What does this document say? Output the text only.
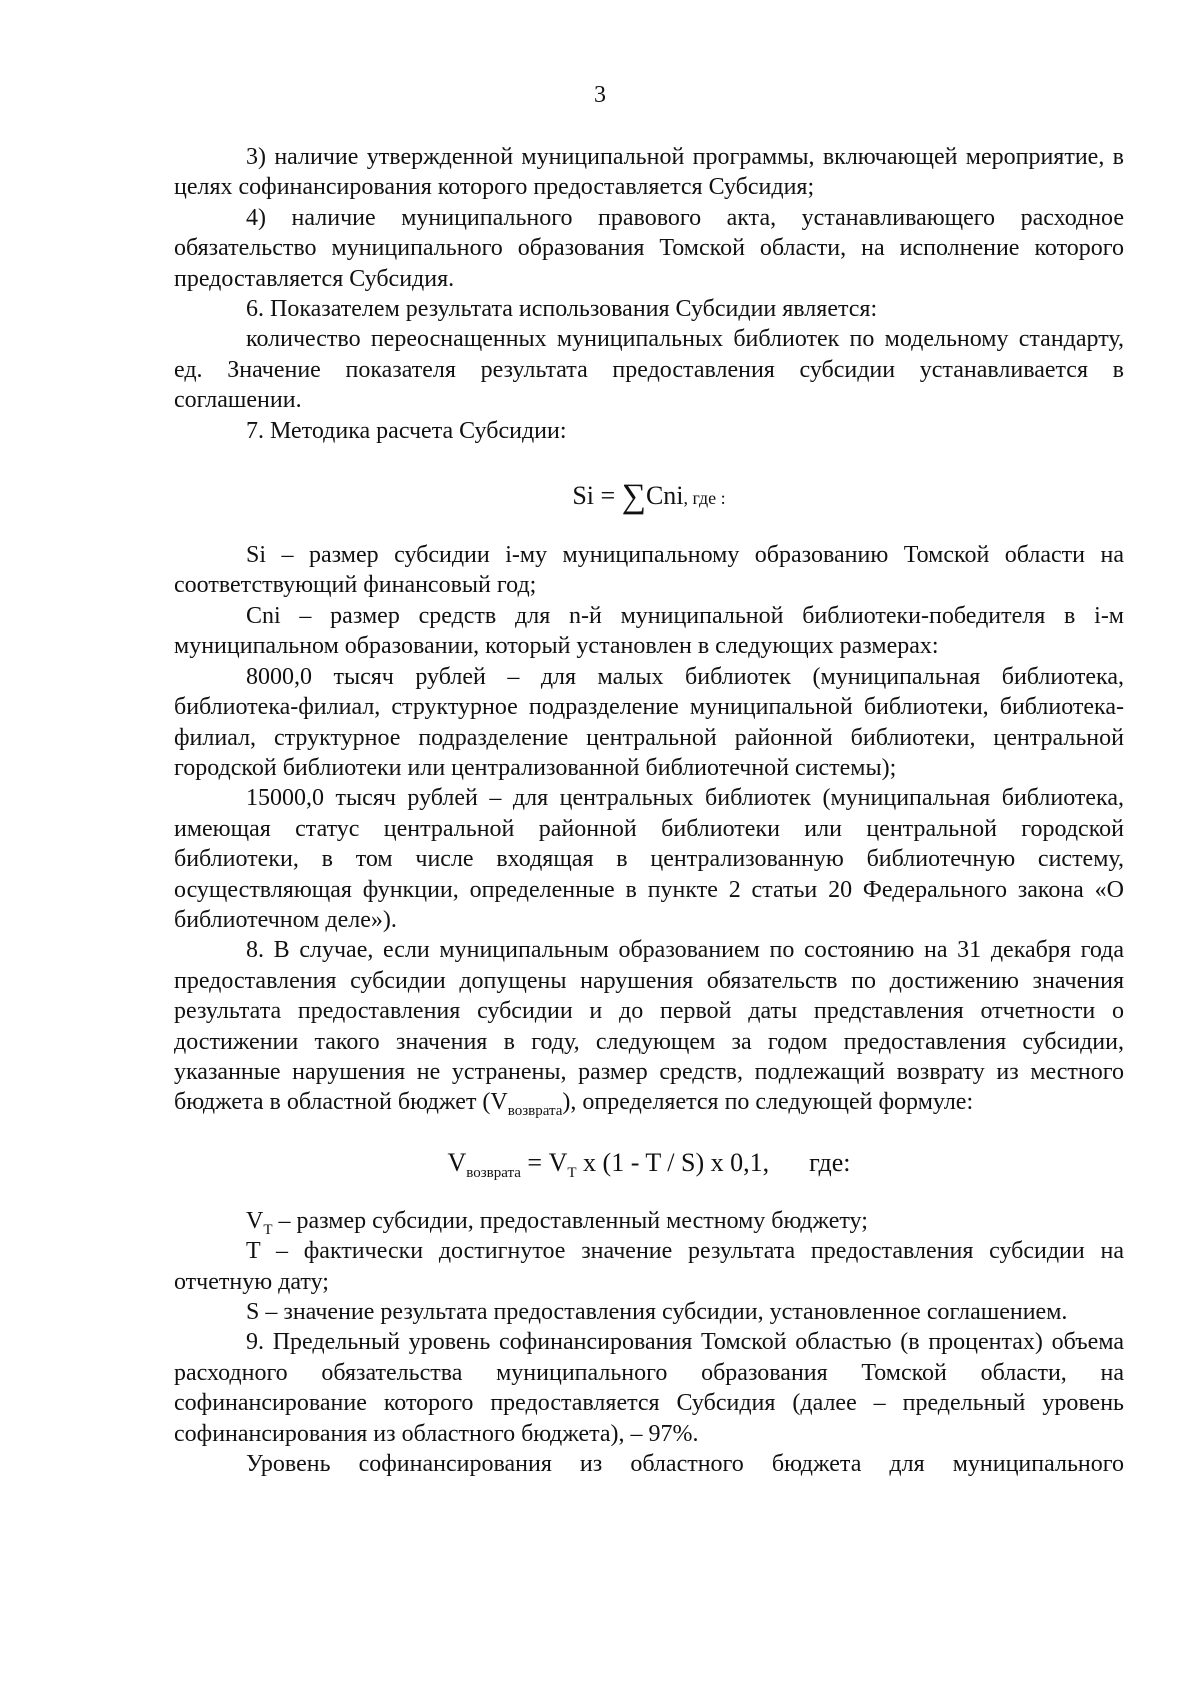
3

3) наличие утвержденной муниципальной программы, включающей мероприятие, в целях софинансирования которого предоставляется Субсидия;

4) наличие муниципального правового акта, устанавливающего расходное обязательство муниципального образования Томской области, на исполнение которого предоставляется Субсидия.

6. Показателем результата использования Субсидии является:

количество переоснащенных муниципальных библиотек по модельному стандарту, ед. Значение показателя результата предоставления субсидии устанавливается в соглашении.

7. Методика расчета Субсидии:

Si = ∑Cni, где :

Si – размер субсидии i-му муниципальному образованию Томской области на соответствующий финансовый год;

Cni – размер средств для n-й муниципальной библиотеки-победителя в i-м муниципальном образовании, который установлен в следующих размерах:

8000,0 тысяч рублей – для малых библиотек (муниципальная библиотека, библиотека-филиал, структурное подразделение муниципальной библиотеки, библиотека-филиал, структурное подразделение центральной районной библиотеки, центральной городской библиотеки или централизованной библиотечной системы);

15000,0 тысяч рублей – для центральных библиотек (муниципальная библиотека, имеющая статус центральной районной библиотеки или центральной городской библиотеки, в том числе входящая в централизованную библиотечную систему, осуществляющая функции, определенные в пункте 2 статьи 20 Федерального закона «О библиотечном деле»).

8. В случае, если муниципальным образованием по состоянию на 31 декабря года предоставления субсидии допущены нарушения обязательств по достижению значения результата предоставления субсидии и до первой даты представления отчетности о достижении такого значения в году, следующем за годом предоставления субсидии, указанные нарушения не устранены, размер средств, подлежащий возврату из местного бюджета в областной бюджет $(V_{возврата})$, определяется по следующей формуле:

$V_{возврата} = V_T$ x (1 - T / S) x 0,1, где:

$V_T$ – размер субсидии, предоставленный местному бюджету;

T – фактически достигнутое значение результата предоставления субсидии на отчетную дату;

S – значение результата предоставления субсидии, установленное соглашением.

9. Предельный уровень софинансирования Томской областью (в процентах) объема расходного обязательства муниципального образования Томской области, на софинансирование которого предоставляется Субсидия (далее – предельный уровень софинансирования из областного бюджета), – 97%.

Уровень софинансирования из областного бюджета для муниципального
